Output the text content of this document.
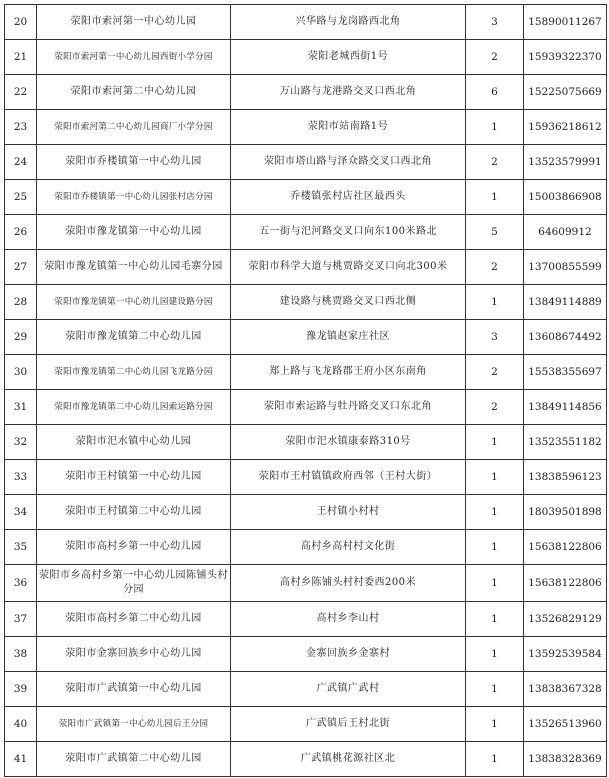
20	荥阳市索河第一中心幼儿园	兴华路与龙岗路西北角	3	15890011267
21	荥阳市索河第一中心幼儿园西街小学分园	荥阳老城西街1号	2	15939322370
22	荥阳市索河第二中心幼儿园	万山路与龙港路交叉口西北角	6	15225075669
23	荥阳市索河第二中心幼儿园商厂小学分园	荥阳市站南路1号	1	15936218612
24	荥阳市乔楼镇第一中心幼儿园	荥阳市塔山路与泽众路交叉口西北角	2	13523579991
25	荥阳市乔楼镇第一中心幼儿园张村店分园	乔楼镇张村店社区最西头	1	15003866908
26	荥阳市豫龙镇第一中心幼儿园	五一街与汜河路交叉口向东100米路北	5	64609912
27	荥阳市豫龙镇第一中心幼儿园毛寨分园	荥阳市科学大道与桃贾路交叉口向北300米	2	13700855599
28	荥阳市豫龙镇第一中心幼儿园建设路分园	建设路与桃贾路交叉口西北侧	1	13849114889
29	荥阳市豫龙镇第二中心幼儿园	豫龙镇赵家庄社区	3	13608674492
30	荥阳市豫龙镇第二中心幼儿园飞龙路分园	郑上路与飞龙路郡王府小区东南角	2	15538355697
31	荥阳市豫龙镇第二中心幼儿园索运路分园	荥阳市索运路与牡丹路交叉口东北角	2	13849114856
32	荥阳市汜水镇中心幼儿园	荥阳市汜水镇康泰路310号	1	13523551182
33	荥阳市王村镇第一中心幼儿园	荥阳市王村镇镇政府西邻（王村大街）	1	13838596123
34	荥阳市王村镇第二中心幼儿园	王村镇小村村	1	18039501898
35	荥阳市高村乡第一中心幼儿园	高村乡高村村文化街	1	15638122806
36	荥阳市乡高村乡第一中心幼儿园陈铺头村分园	高村乡陈铺头村村委西200米	1	15638122806
37	荥阳市高村乡第二中心幼儿园	高村乡李山村	1	13526829129
38	荥阳市金寨回族乡中心幼儿园	金寨回族乡金寨村	1	13592539584
39	荥阳市广武镇第一中心幼儿园	广武镇广武村	1	13838367328
40	荥阳市广武镇第一中心幼儿园后王分园	广武镇后王村北街	1	13526513960
41	荥阳市广武镇第二中心幼儿园	广武镇桃花源社区北	1	13838328369
